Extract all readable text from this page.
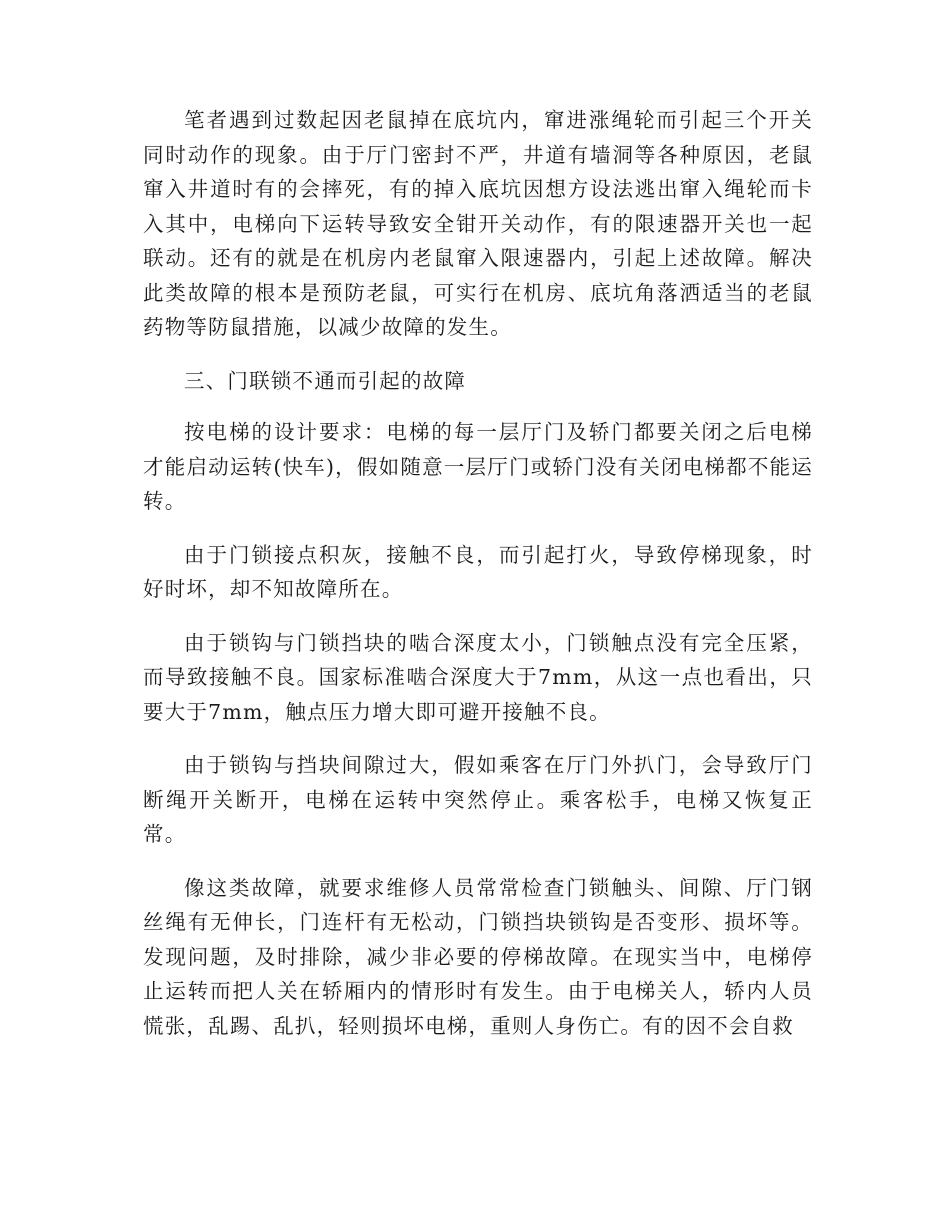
笔者遇到过数起因老鼠掉在底坑内，窜进涨绳轮而引起三个开关同时动作的现象。由于厅门密封不严，井道有墙洞等各种原因，老鼠窜入井道时有的会摔死，有的掉入底坑因想方设法逃出窜入绳轮而卡入其中，电梯向下运转导致安全钳开关动作，有的限速器开关也一起联动。还有的就是在机房内老鼠窜入限速器内，引起上述故障。解决此类故障的根本是预防老鼠，可实行在机房、底坑角落洒适当的老鼠药物等防鼠措施，以减少故障的发生。

三、门联锁不通而引起的故障

按电梯的设计要求：电梯的每一层厅门及轿门都要关闭之后电梯才能启动运转(快车)，假如随意一层厅门或轿门没有关闭电梯都不能运转。

由于门锁接点积灰，接触不良，而引起打火，导致停梯现象，时好时坏，却不知故障所在。

由于锁钩与门锁挡块的啮合深度太小，门锁触点没有完全压紧，而导致接触不良。国家标准啮合深度大于7mm，从这一点也看出，只要大于7mm，触点压力增大即可避开接触不良。

由于锁钩与挡块间隙过大，假如乘客在厅门外扒门，会导致厅门断绳开关断开，电梯在运转中突然停止。乘客松手，电梯又恢复正常。

像这类故障，就要求维修人员常常检查门锁触头、间隙、厅门钢丝绳有无伸长，门连杆有无松动，门锁挡块锁钩是否变形、损坏等。发现问题，及时排除，减少非必要的停梯故障。在现实当中，电梯停止运转而把人关在轿厢内的情形时有发生。由于电梯关人，轿内人员慌张，乱踢、乱扒，轻则损坏电梯，重则人身伤亡。有的因不会自救
